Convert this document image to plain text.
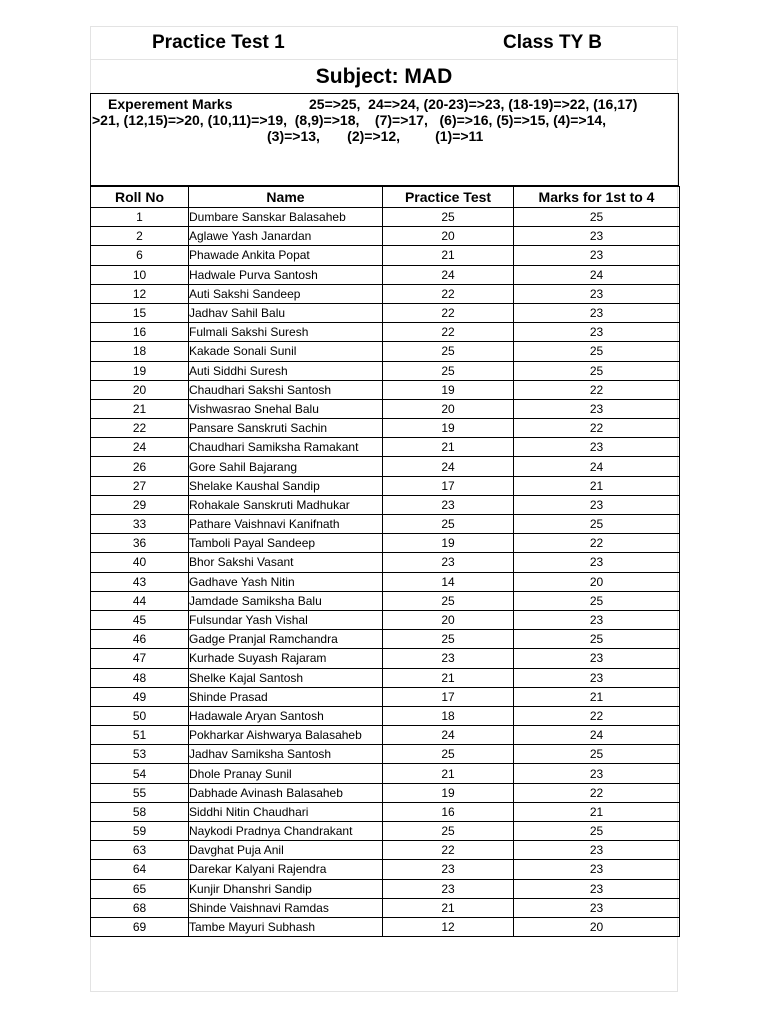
Practice Test 1	Class TY B
Subject: MAD
Experement Marks	25=>25,  24=>24, (20-23)=>23, (18-19)=>22, (16,17)
>21, (12,15)=>20, (10,11)=>19,  (8,9)=>18,    (7)=>17,   (6)=>16, (5)=>15, (4)=>14,
(3)=>13,       (2)=>12,         (1)=>11
Roll No	Name	Practice Test	Marks for 1st to 4
1	Dumbare Sanskar Balasaheb	25	25
2	Aglawe Yash Janardan	20	23
6	Phawade Ankita Popat	21	23
10	Hadwale Purva Santosh	24	24
12	Auti Sakshi Sandeep	22	23
15	Jadhav Sahil Balu	22	23
16	Fulmali Sakshi Suresh	22	23
18	Kakade Sonali Sunil	25	25
19	Auti Siddhi Suresh	25	25
20	Chaudhari Sakshi Santosh	19	22
21	Vishwasrao Snehal Balu	20	23
22	Pansare Sanskruti Sachin	19	22
24	Chaudhari Samiksha Ramakant	21	23
26	Gore Sahil Bajarang	24	24
27	Shelake Kaushal Sandip	17	21
29	Rohakale Sanskruti Madhukar	23	23
33	Pathare Vaishnavi Kanifnath	25	25
36	Tamboli Payal Sandeep	19	22
40	Bhor Sakshi Vasant	23	23
43	Gadhave Yash Nitin	14	20
44	Jamdade Samiksha Balu	25	25
45	Fulsundar Yash Vishal	20	23
46	Gadge Pranjal Ramchandra	25	25
47	Kurhade Suyash Rajaram	23	23
48	Shelke Kajal Santosh	21	23
49	Shinde Prasad	17	21
50	Hadawale Aryan Santosh	18	22
51	Pokharkar Aishwarya Balasaheb	24	24
53	Jadhav Samiksha Santosh	25	25
54	Dhole Pranay Sunil	21	23
55	Dabhade Avinash Balasaheb	19	22
58	Siddhi Nitin Chaudhari	16	21
59	Naykodi Pradnya Chandrakant	25	25
63	Davghat Puja Anil	22	23
64	Darekar Kalyani Rajendra	23	23
65	Kunjir Dhanshri Sandip	23	23
68	Shinde Vaishnavi Ramdas	21	23
69	Tambe Mayuri Subhash	12	20
